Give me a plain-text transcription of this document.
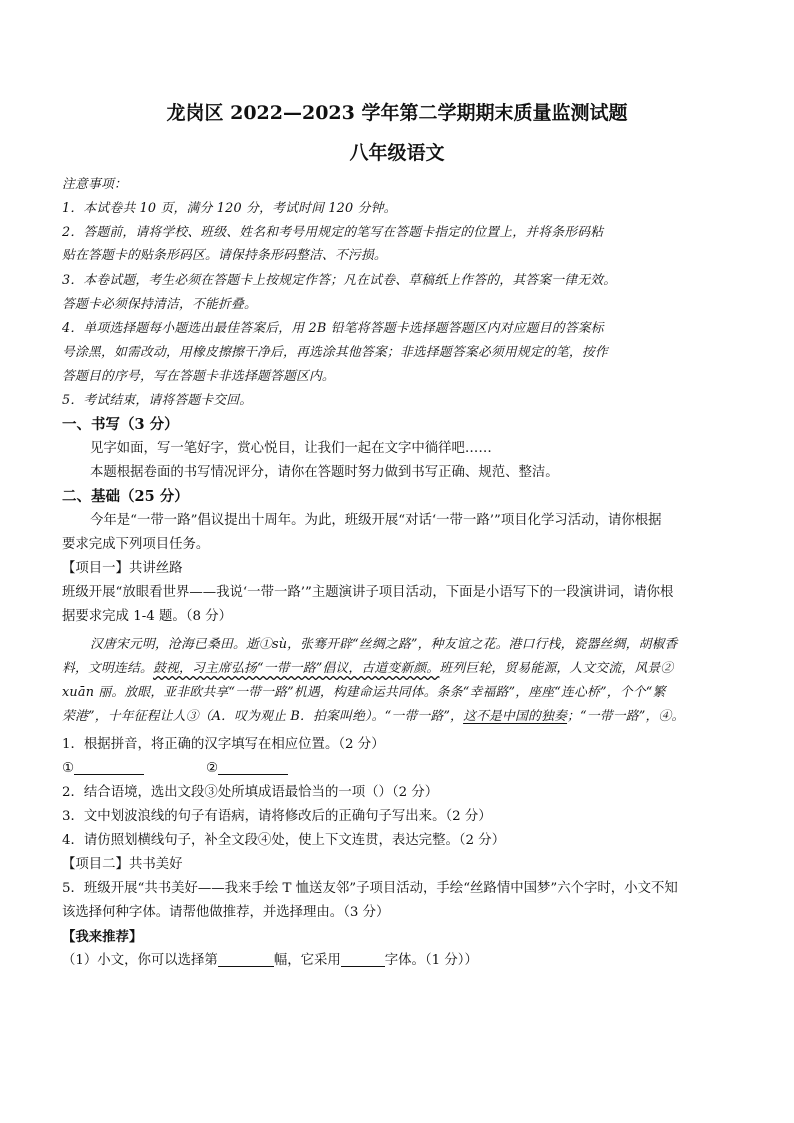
龙岗区 2022—2023 学年第二学期期末质量监测试题
八年级语文
注意事项：
1．本试卷共 10 页，满分 120 分，考试时间 120 分钟。
2．答题前，请将学校、班级、姓名和考号用规定的笔写在答题卡指定的位置上，并将条形码粘
贴在答题卡的贴条形码区。请保持条形码整洁、不污损。
3．本卷试题，考生必须在答题卡上按规定作答；凡在试卷、草稿纸上作答的，其答案一律无效。
答题卡必须保持清洁，不能折叠。
4．单项选择题每小题选出最佳答案后，用 2B 铅笔将答题卡选择题答题区内对应题目的答案标
号涂黑，如需改动，用橡皮擦擦干净后，再选涂其他答案；非选择题答案必须用规定的笔，按作
答题目的序号，写在答题卡非选择题答题区内。
5．考试结束，请将答题卡交回。
一、书写（3 分）
见字如面，写一笔好字，赏心悦目，让我们一起在文字中徜徉吧……
本题根据卷面的书写情况评分，请你在答题时努力做到书写正确、规范、整洁。
二、基础（25 分）
今年是“一带一路”倡议提出十周年。为此，班级开展“对话‘一带一路’”项目化学习活动，请你根据
要求完成下列项目任务。
【项目一】共讲丝路
班级开展“放眼看世界——我说‘一带一路’”主题演讲子项目活动，下面是小语写下的一段演讲词，请你根
据要求完成 1-4 题。（8 分）
汉唐宋元明，沧海已桑田。逝①sù，张骞开辟“丝绸之路”，种友谊之花。港口行栈，瓷器丝绸，胡椒香
料，文明连结。鼓视，习主席弘扬“一带一路”倡议，古道变新颜。班列巨轮，贸易能源，人文交流，风景②
xuān 丽。放眼，亚非欧共享“一带一路”机遇，构建命运共同体。条条“幸福路”，座座“连心桥”，个个“繁
荣港”，十年征程让人③（A．叹为观止 B．拍案叫绝）。“一带一路”，这不是中国的独奏；“一带一路”，④。
1．根据拼音，将正确的汉字填写在相应位置。（2 分）
①	②
2．结合语境，选出文段③处所填成语最恰当的一项（）（2 分）
3．文中划波浪线的句子有语病，请将修改后的正确句子写出来。（2 分）
4．请仿照划横线句子，补全文段④处，使上下文连贯，表达完整。（2 分）
【项目二】共书美好
5．班级开展“共书美好——我来手绘 T 恤送友邻”子项目活动，手绘“丝路情中国梦”六个字时，小文不知
该选择何种字体。请帮他做推荐，并选择理由。（3 分）
【我来推荐】
（1）小文，你可以选择第	幅，它采用	字体。（1 分））
